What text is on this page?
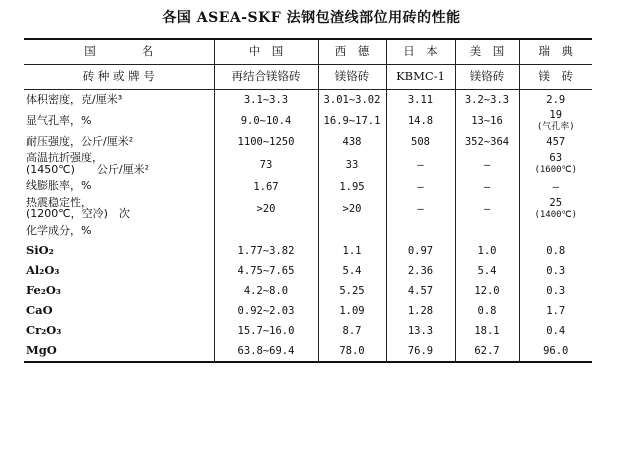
各国 ASEA-SKF 法钢包渣线部位用砖的性能
国　　　　名	中　国	西　德	日　本	美　国	瑞　典
砖 种 或 牌 号	再结合镁铬砖	镁铬砖	KBMC-1	镁铬砖	镁　砖
体积密度，克/厘米³	3.1~3.3	3.01~3.02	3.11	3.2~3.3	2.9
显气孔率，%	9.0~10.4	16.9~17.1	14.8	13~16	19
(气孔率)
耐压强度，公斤/厘米²	1100~1250	438	508	352~364	457
高温抗折强度，
(1450℃)　　公斤/厘米²	73	33	—	—	63
(1600℃)
线膨胀率，%	1.67	1.95	—	—	—
热震稳定性，
(1200℃，空冷)　次	>20	>20	—	—	25
(1400℃)
化学成分，%					
SiO₂	1.77~3.82	1.1	0.97	1.0	0.8
Al₂O₃	4.75~7.65	5.4	2.36	5.4	0.3
Fe₂O₃	4.2~8.0	5.25	4.57	12.0	0.3
CaO	0.92~2.03	1.09	1.28	0.8	1.7
Cr₂O₃	15.7~16.0	8.7	13.3	18.1	0.4
MgO	63.8~69.4	78.0	76.9	62.7	96.0
